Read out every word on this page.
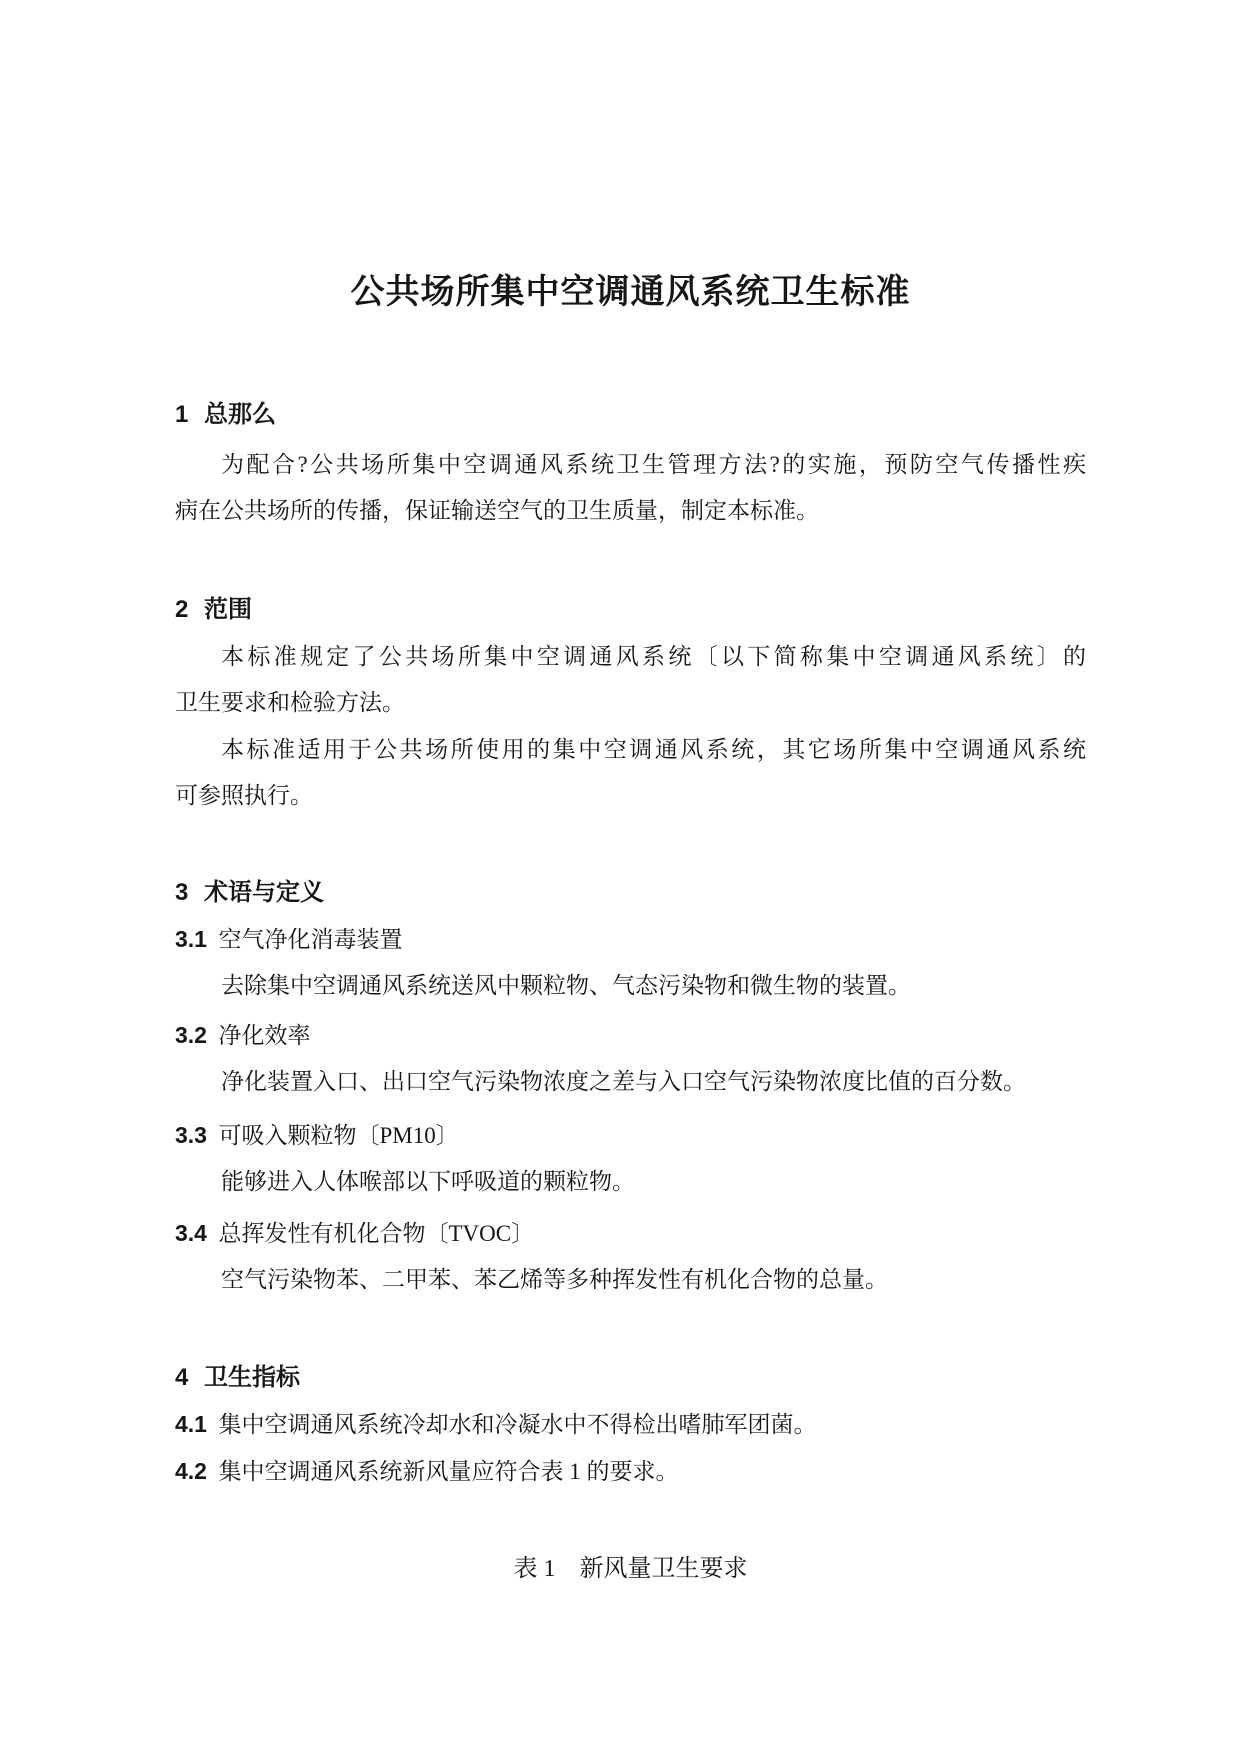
公共场所集中空调通风系统卫生标准
1 总那么
为配合?公共场所集中空调通风系统卫生管理方法?的实施，预防空气传播性疾
病在公共场所的传播，保证输送空气的卫生质量，制定本标准。
2 范围
本标准规定了公共场所集中空调通风系统〔以下简称集中空调通风系统〕的
卫生要求和检验方法。
本标准适用于公共场所使用的集中空调通风系统，其它场所集中空调通风系统
可参照执行。
3 术语与定义
3.1 空气净化消毒装置
去除集中空调通风系统送风中颗粒物、气态污染物和微生物的装置。
3.2 净化效率
净化装置入口、出口空气污染物浓度之差与入口空气污染物浓度比值的百分数。
3.3 可吸入颗粒物〔PM10〕
能够进入人体喉部以下呼吸道的颗粒物。
3.4 总挥发性有机化合物〔TVOC〕
空气污染物苯、二甲苯、苯乙烯等多种挥发性有机化合物的总量。
4 卫生指标
4.1 集中空调通风系统冷却水和冷凝水中不得检出嗜肺军团菌。
4.2 集中空调通风系统新风量应符合表 1 的要求。
表 1　新风量卫生要求
